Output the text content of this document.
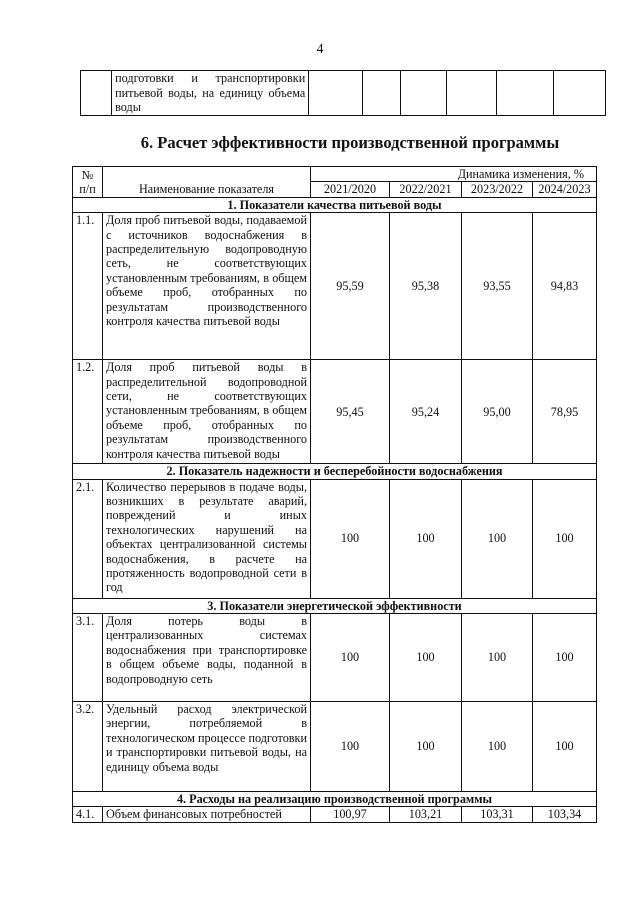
4
	подготовки и транспортировки питьевой воды, на единицу объема воды						
6. Расчет эффективности производственной программы
№
п/п	Наименование показателя	Динамика изменения, %			
		2021/2020	2022/2021	2023/2022	2024/2023
1. Показатели качества питьевой воды					
1.1.	Доля проб питьевой воды, подаваемой с источников водоснабжения в распределительную водопроводную сеть, не соответствующих установленным требованиям, в общем объеме проб, отобранных по результатам производственного контроля качества питьевой воды	95,59	95,38	93,55	94,83
1.2.	Доля проб питьевой воды в распределительной водопроводной сети, не соответствующих установленным требованиям, в общем объеме проб, отобранных по результатам производственного контроля качества питьевой воды	95,45	95,24	95,00	78,95
2. Показатель надежности и бесперебойности водоснабжения					
2.1.	Количество перерывов в подаче воды, возникших в результате аварий, повреждений и иных технологических нарушений на объектах централизованной системы водоснабжения, в расчете на протяженность водопроводной сети в год	100	100	100	100
3. Показатели энергетической эффективности					
3.1.	Доля потерь воды в централизованных системах водоснабжения при транспортировке в общем объеме воды, поданной в водопроводную сеть	100	100	100	100
3.2.	Удельный расход электрической энергии, потребляемой в технологическом процессе подготовки и транспортировки питьевой воды, на единицу объема воды	100	100	100	100
4. Расходы на реализацию производственной программы					
4.1.	Объем финансовых потребностей	100,97	103,21	103,31	103,34
